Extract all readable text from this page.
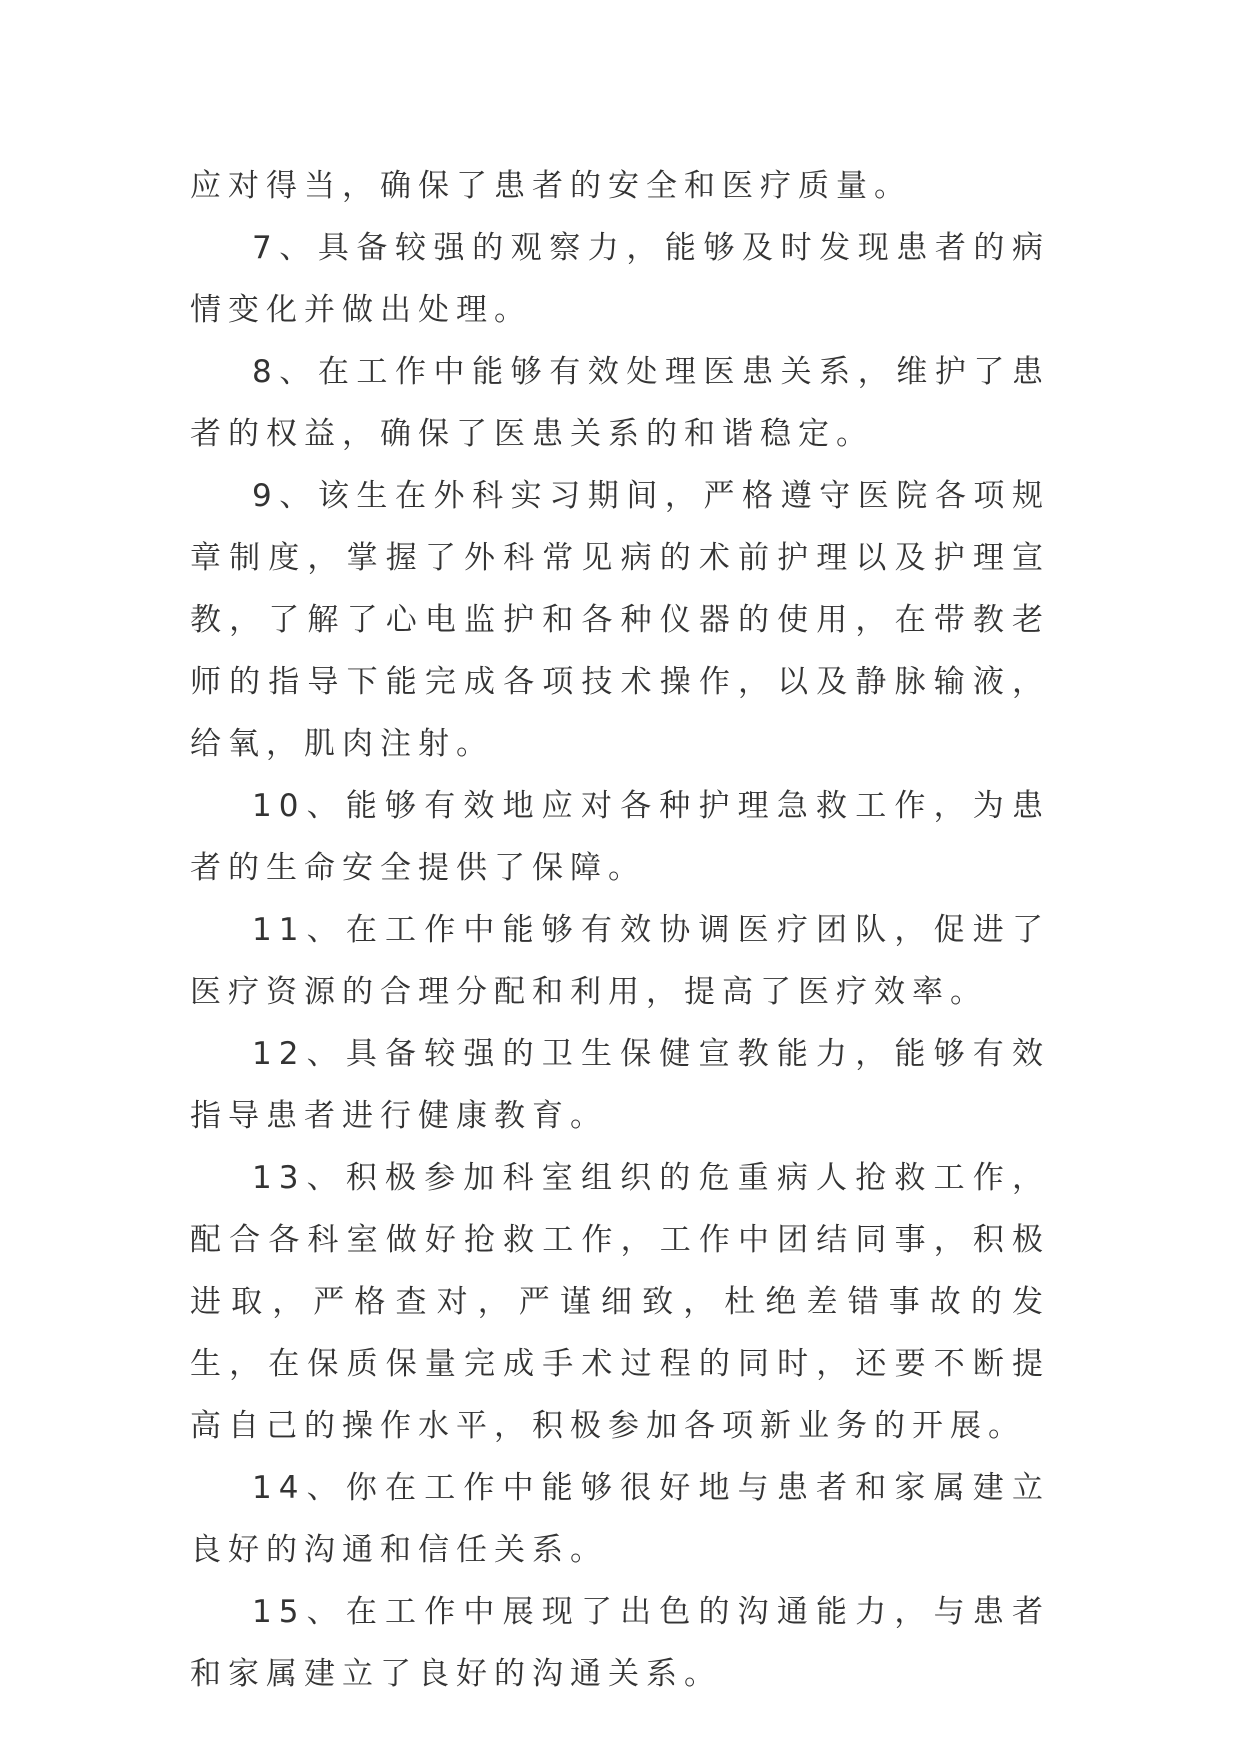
应对得当，确保了患者的安全和医疗质量。

7、具备较强的观察力，能够及时发现患者的病情变化并做出处理。

8、在工作中能够有效处理医患关系，维护了患者的权益，确保了医患关系的和谐稳定。

9、该生在外科实习期间，严格遵守医院各项规章制度，掌握了外科常见病的术前护理以及护理宣教，了解了心电监护和各种仪器的使用，在带教老师的指导下能完成各项技术操作，以及静脉输液，给氧，肌肉注射。

10、能够有效地应对各种护理急救工作，为患者的生命安全提供了保障。

11、在工作中能够有效协调医疗团队，促进了医疗资源的合理分配和利用，提高了医疗效率。

12、具备较强的卫生保健宣教能力，能够有效指导患者进行健康教育。

13、积极参加科室组织的危重病人抢救工作，配合各科室做好抢救工作，工作中团结同事，积极进取，严格查对，严谨细致，杜绝差错事故的发生，在保质保量完成手术过程的同时，还要不断提高自己的操作水平，积极参加各项新业务的开展。

14、你在工作中能够很好地与患者和家属建立良好的沟通和信任关系。

15、在工作中展现了出色的沟通能力，与患者和家属建立了良好的沟通关系。
